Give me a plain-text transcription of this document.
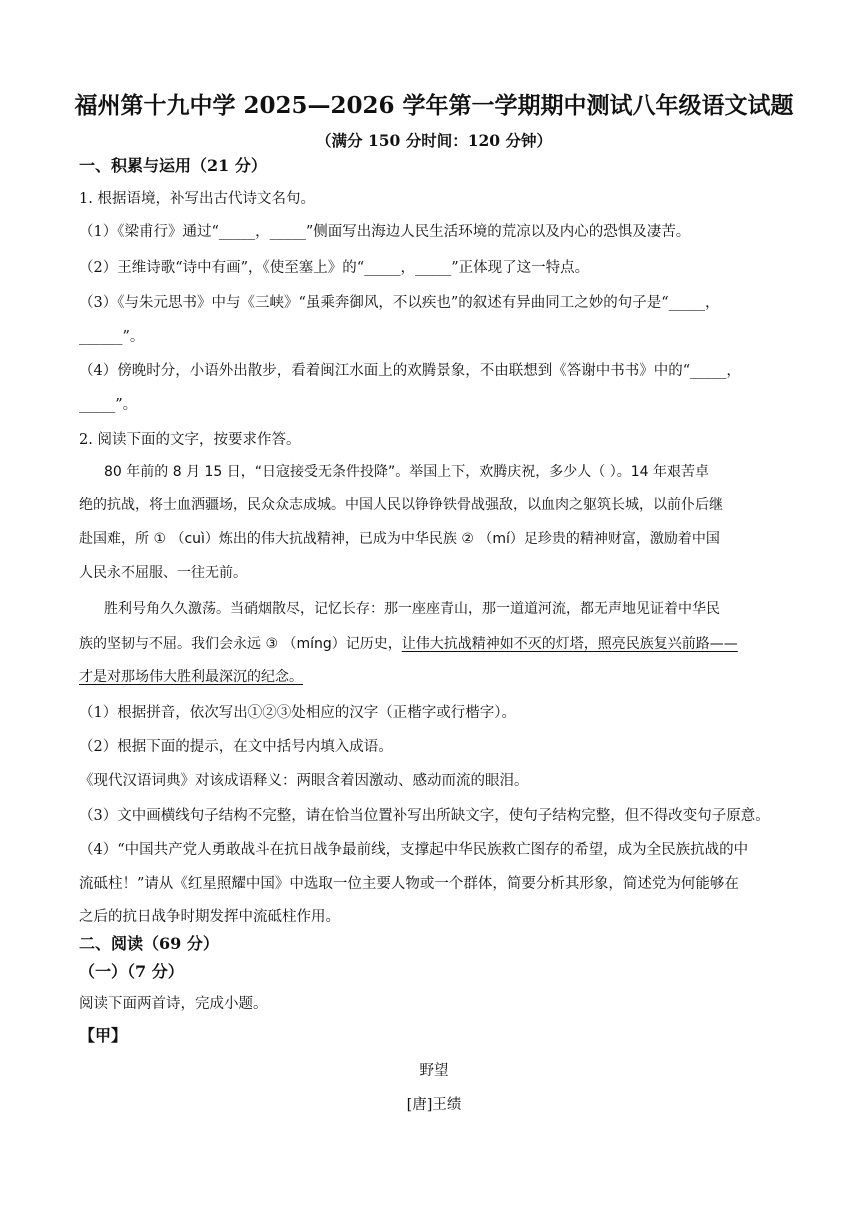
福州第十九中学 2025—2026 学年第一学期期中测试八年级语文试题
（满分 150 分时间：120 分钟）
一、积累与运用（21 分）
1. 根据语境，补写出古代诗文名句。
（1）《梁甫行》通过“_____，_____”侧面写出海边人民生活环境的荒凉以及内心的恐惧及凄苦。
（2）王维诗歌“诗中有画”，《使至塞上》的“_____，_____”正体现了这一特点。
（3）《与朱元思书》中与《三峡》“虽乘奔御风，不以疾也”的叙述有异曲同工之妙的句子是“_____，
______”。
（4）傍晚时分，小语外出散步，看着闽江水面上的欢腾景象，不由联想到《答谢中书书》中的“_____，
_____”。
2. 阅读下面的文字，按要求作答。
80 年前的 8 月 15 日，“日寇接受无条件投降”。举国上下，欢腾庆祝，多少人（ ）。14 年艰苦卓
绝的抗战，将士血洒疆场，民众众志成城。中国人民以铮铮铁骨战强敌，以血肉之躯筑长城，以前仆后继
赴国难，所 ① （cuì）炼出的伟大抗战精神，已成为中华民族 ② （mí）足珍贵的精神财富，激励着中国
人民永不屈服、一往无前。
胜利号角久久激荡。当硝烟散尽，记忆长存：那一座座青山，那一道道河流，都无声地见证着中华民
族的坚韧与不屈。我们会永远 ③ （míng）记历史，让伟大抗战精神如不灭的灯塔，照亮民族复兴前路——
才是对那场伟大胜利最深沉的纪念。
（1）根据拼音，依次写出①②③处相应的汉字（正楷字或行楷字）。
（2）根据下面的提示，在文中括号内填入成语。
《现代汉语词典》对该成语释义：两眼含着因激动、感动而流的眼泪。
（3）文中画横线句子结构不完整，请在恰当位置补写出所缺文字，使句子结构完整，但不得改变句子原意。
（4）“中国共产党人勇敢战斗在抗日战争最前线，支撑起中华民族救亡图存的希望，成为全民族抗战的中
流砥柱！”请从《红星照耀中国》中选取一位主要人物或一个群体，简要分析其形象，简述党为何能够在
之后的抗日战争时期发挥中流砥柱作用。
二、阅读（69 分）
（一）（7 分）
阅读下面两首诗，完成小题。
【甲】
野望
[唐]王绩
